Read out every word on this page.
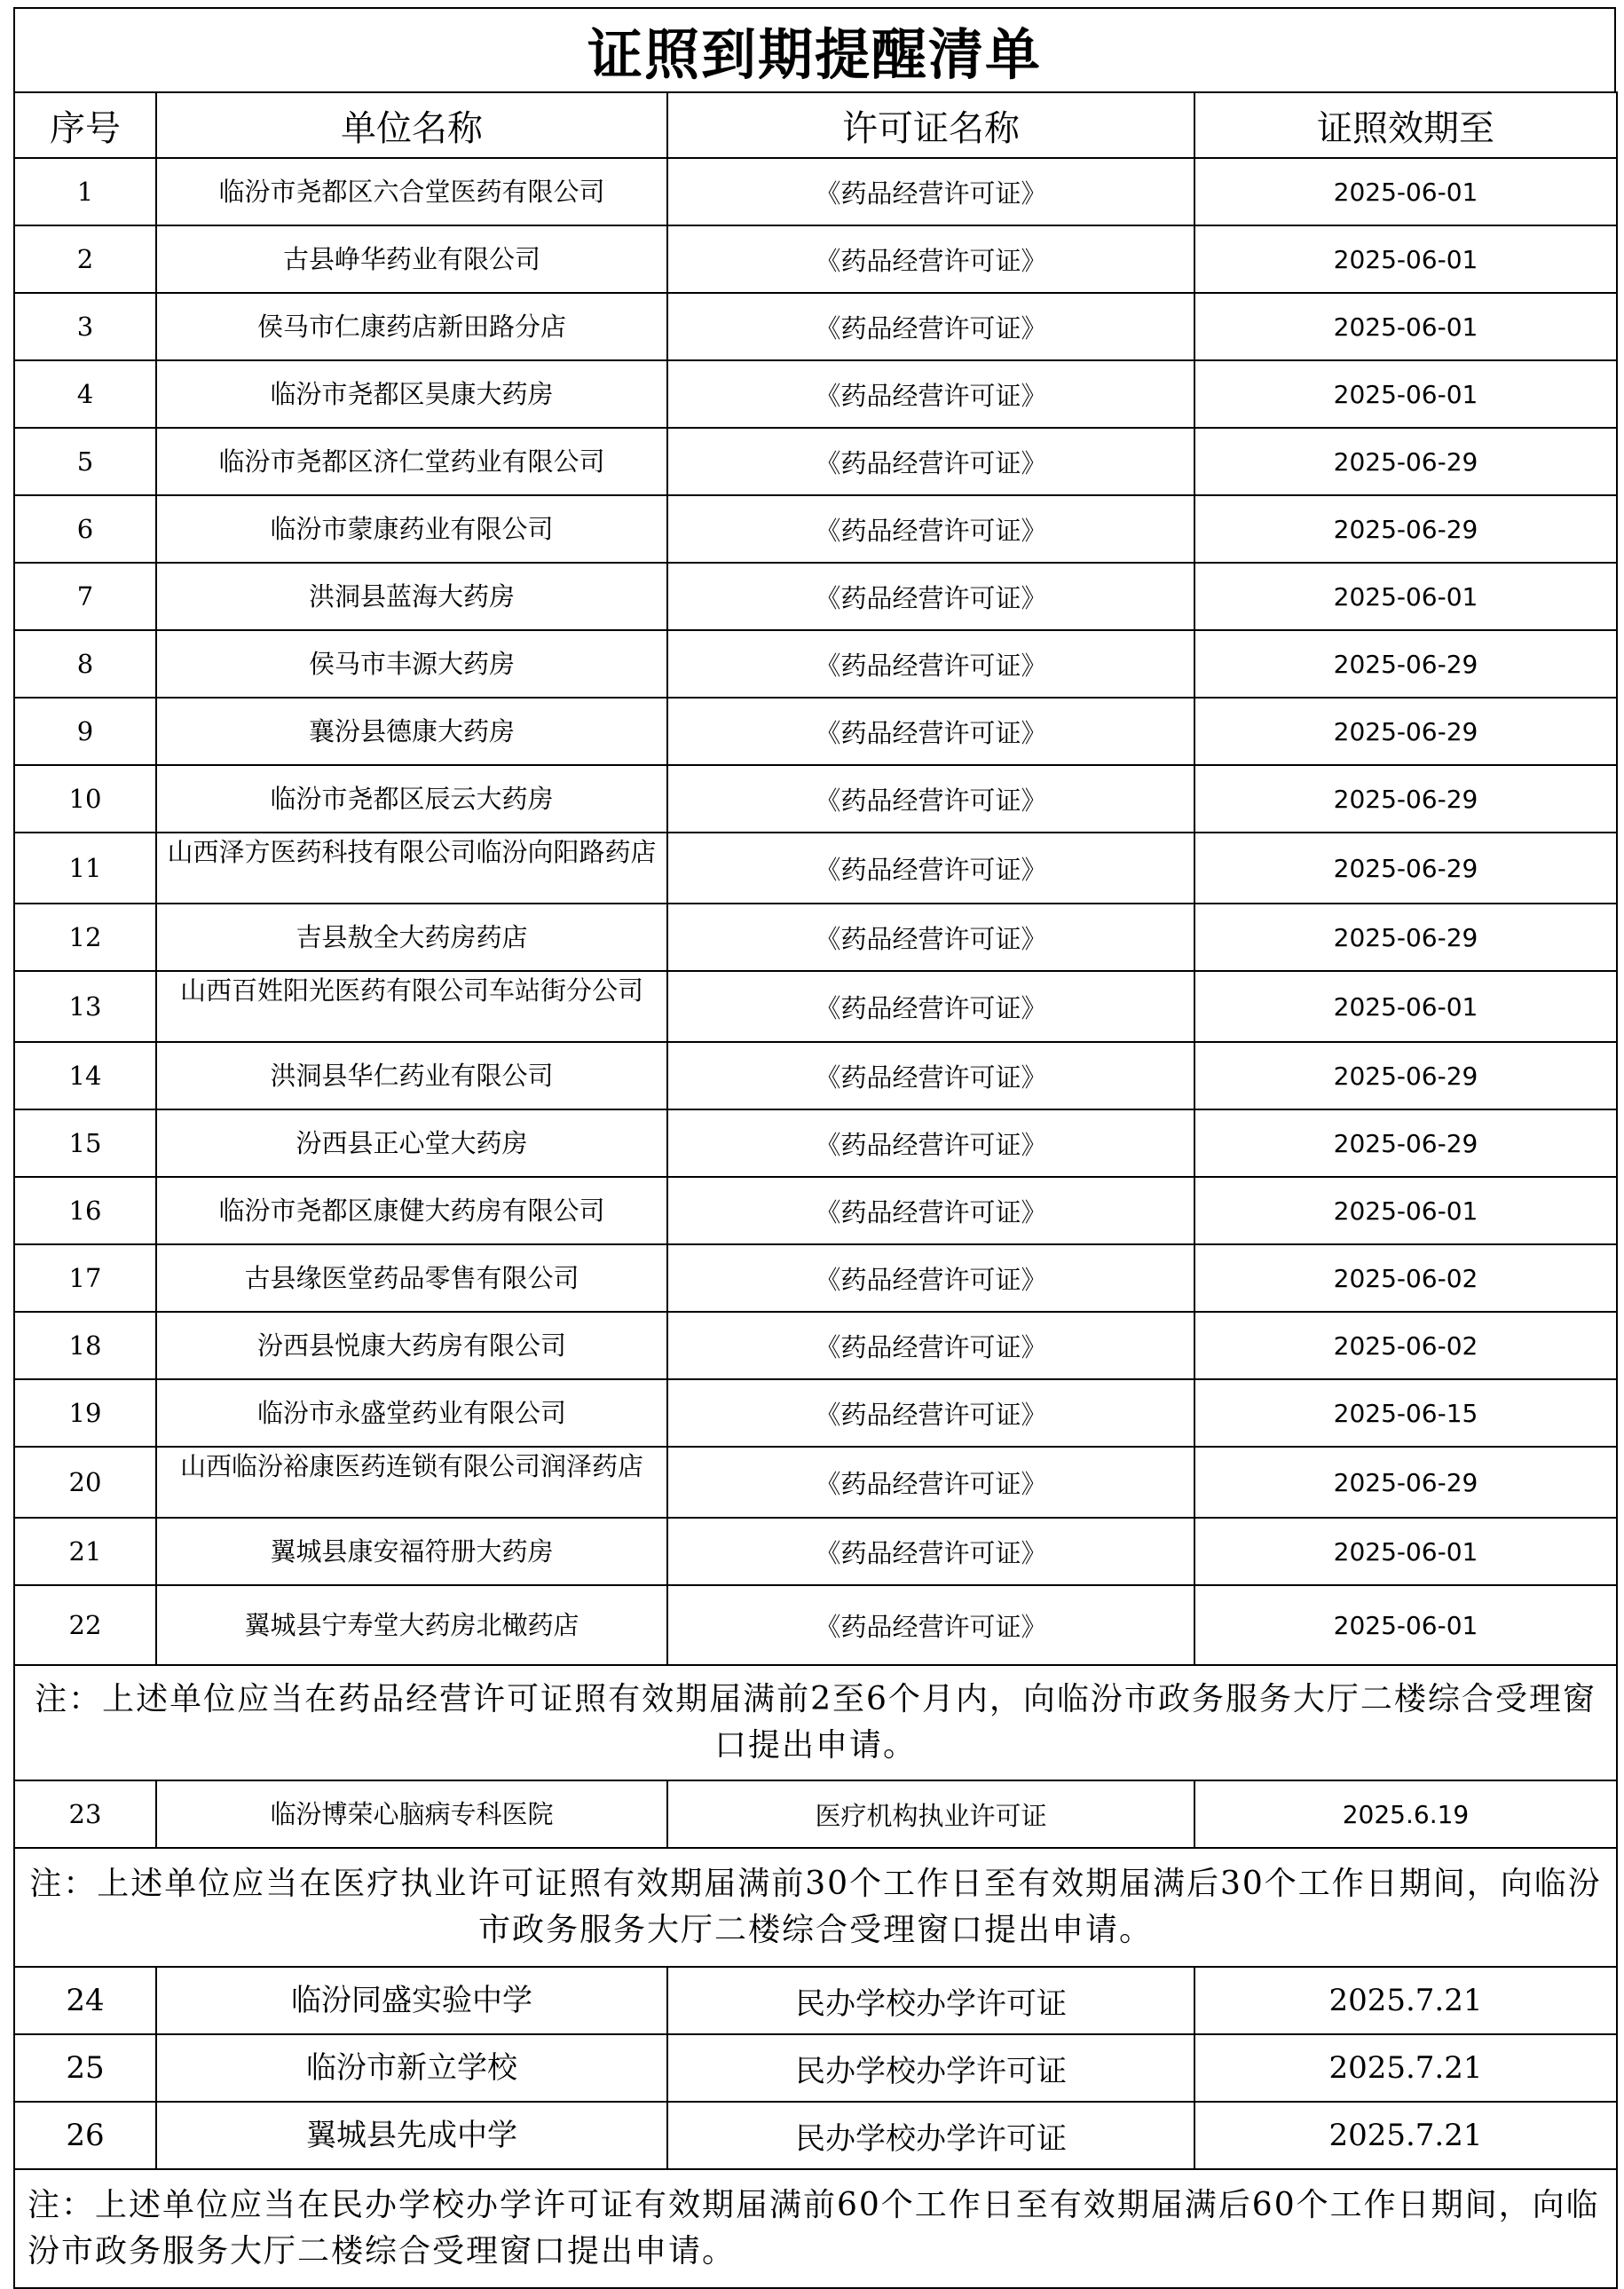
证照到期提醒清单
序号	单位名称	许可证名称	证照效期至
1	临汾市尧都区六合堂医药有限公司	《药品经营许可证》	2025-06-01
2	古县峥华药业有限公司	《药品经营许可证》	2025-06-01
3	侯马市仁康药店新田路分店	《药品经营许可证》	2025-06-01
4	临汾市尧都区昊康大药房	《药品经营许可证》	2025-06-01
5	临汾市尧都区济仁堂药业有限公司	《药品经营许可证》	2025-06-29
6	临汾市蒙康药业有限公司	《药品经营许可证》	2025-06-29
7	洪洞县蓝海大药房	《药品经营许可证》	2025-06-01
8	侯马市丰源大药房	《药品经营许可证》	2025-06-29
9	襄汾县德康大药房	《药品经营许可证》	2025-06-29
10	临汾市尧都区辰云大药房	《药品经营许可证》	2025-06-29
11	山西泽方医药科技有限公司临汾向阳路药店	《药品经营许可证》	2025-06-29
12	吉县敖全大药房药店	《药品经营许可证》	2025-06-29
13	山西百姓阳光医药有限公司车站街分公司	《药品经营许可证》	2025-06-01
14	洪洞县华仁药业有限公司	《药品经营许可证》	2025-06-29
15	汾西县正心堂大药房	《药品经营许可证》	2025-06-29
16	临汾市尧都区康健大药房有限公司	《药品经营许可证》	2025-06-01
17	古县缘医堂药品零售有限公司	《药品经营许可证》	2025-06-02
18	汾西县悦康大药房有限公司	《药品经营许可证》	2025-06-02
19	临汾市永盛堂药业有限公司	《药品经营许可证》	2025-06-15
20	山西临汾裕康医药连锁有限公司润泽药店	《药品经营许可证》	2025-06-29
21	翼城县康安福符册大药房	《药品经营许可证》	2025-06-01
22	翼城县宁寿堂大药房北橄药店	《药品经营许可证》	2025-06-01
注：上述单位应当在药品经营许可证照有效期届满前2至6个月内，向临汾市政务服务大厅二楼综合受理窗口提出申请。			
23	临汾博荣心脑病专科医院	医疗机构执业许可证	2025.6.19
注：上述单位应当在医疗执业许可证照有效期届满前30个工作日至有效期届满后30个工作日期间，向临汾市政务服务大厅二楼综合受理窗口提出申请。			
24	临汾同盛实验中学	民办学校办学许可证	2025.7.21
25	临汾市新立学校	民办学校办学许可证	2025.7.21
26	翼城县先成中学	民办学校办学许可证	2025.7.21
注：上述单位应当在民办学校办学许可证有效期届满前60个工作日至有效期届满后60个工作日期间，向临汾市政务服务大厅二楼综合受理窗口提出申请。			
